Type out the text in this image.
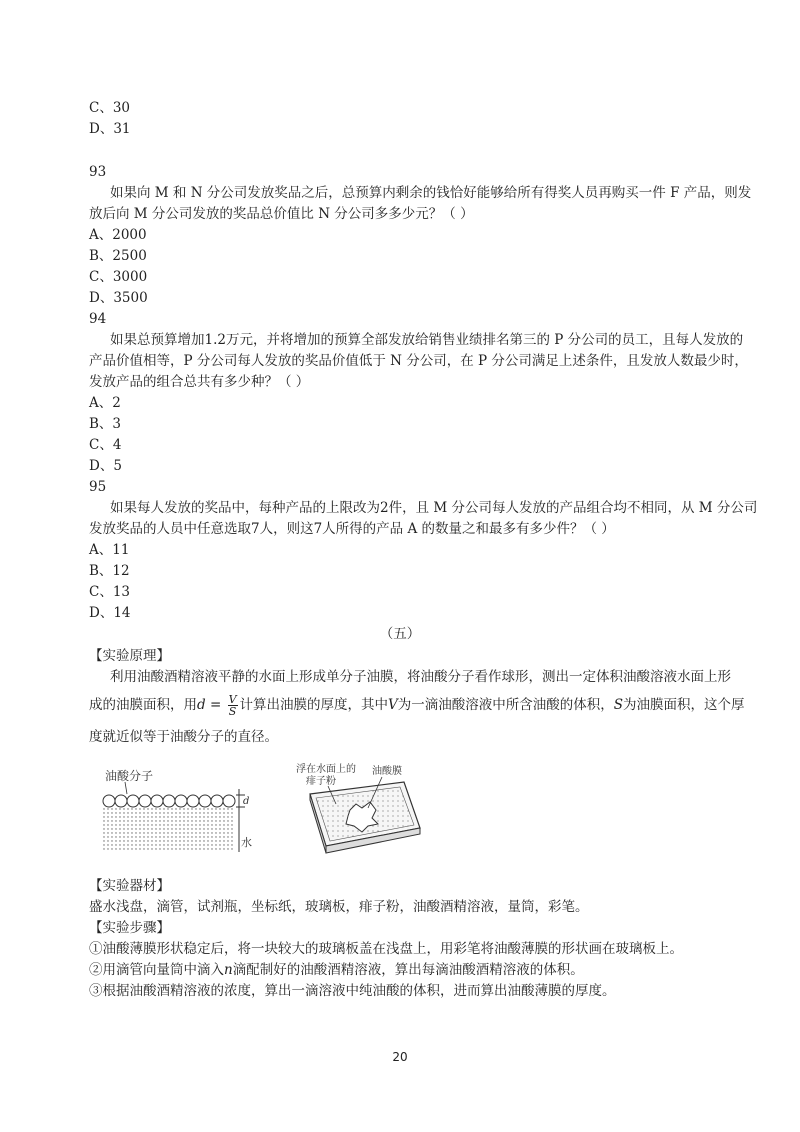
C、30
D、31
93
如果向 M 和 N 分公司发放奖品之后，总预算内剩余的钱恰好能够给所有得奖人员再购买一件 F 产品，则发
放后向 M 分公司发放的奖品总价值比 N 分公司多多少元？（ ）
A、2000
B、2500
C、3000
D、3500
94
如果总预算增加1.2万元，并将增加的预算全部发放给销售业绩排名第三的 P 分公司的员工，且每人发放的
产品价值相等，P 分公司每人发放的奖品价值低于 N 分公司，在 P 分公司满足上述条件，且发放人数最少时，
发放产品的组合总共有多少种？（ ）
A、2
B、3
C、4
D、5
95
如果每人发放的奖品中，每种产品的上限改为2件，且 M 分公司每人发放的产品组合均不相同，从 M 分公司
发放奖品的人员中任意选取7人，则这7人所得的产品 A 的数量之和最多有多少件？（ ）
A、11
B、12
C、13
D、14
（五）
【实验原理】
利用油酸酒精溶液平静的水面上形成单分子油膜，将油酸分子看作球形，测出一定体积油酸溶液水面上形
成的油膜面积，用$d = \frac{V}{S}$ 计算出油膜的厚度，其中V为一滴油酸溶液中所含油酸的体积，S为油膜面积，这个厚
度就近似等于油酸分子的直径。
油酸分子
d
水
浮在水面上的
痱子粉
油酸膜
【实验器材】
盛水浅盘，滴管，试剂瓶，坐标纸，玻璃板，痱子粉，油酸酒精溶液，量筒，彩笔。
【实验步骤】
①油酸薄膜形状稳定后，将一块较大的玻璃板盖在浅盘上，用彩笔将油酸薄膜的形状画在玻璃板上。
②用滴管向量筒中滴入n滴配制好的油酸酒精溶液，算出每滴油酸酒精溶液的体积。
③根据油酸酒精溶液的浓度，算出一滴溶液中纯油酸的体积，进而算出油酸薄膜的厚度。
20
